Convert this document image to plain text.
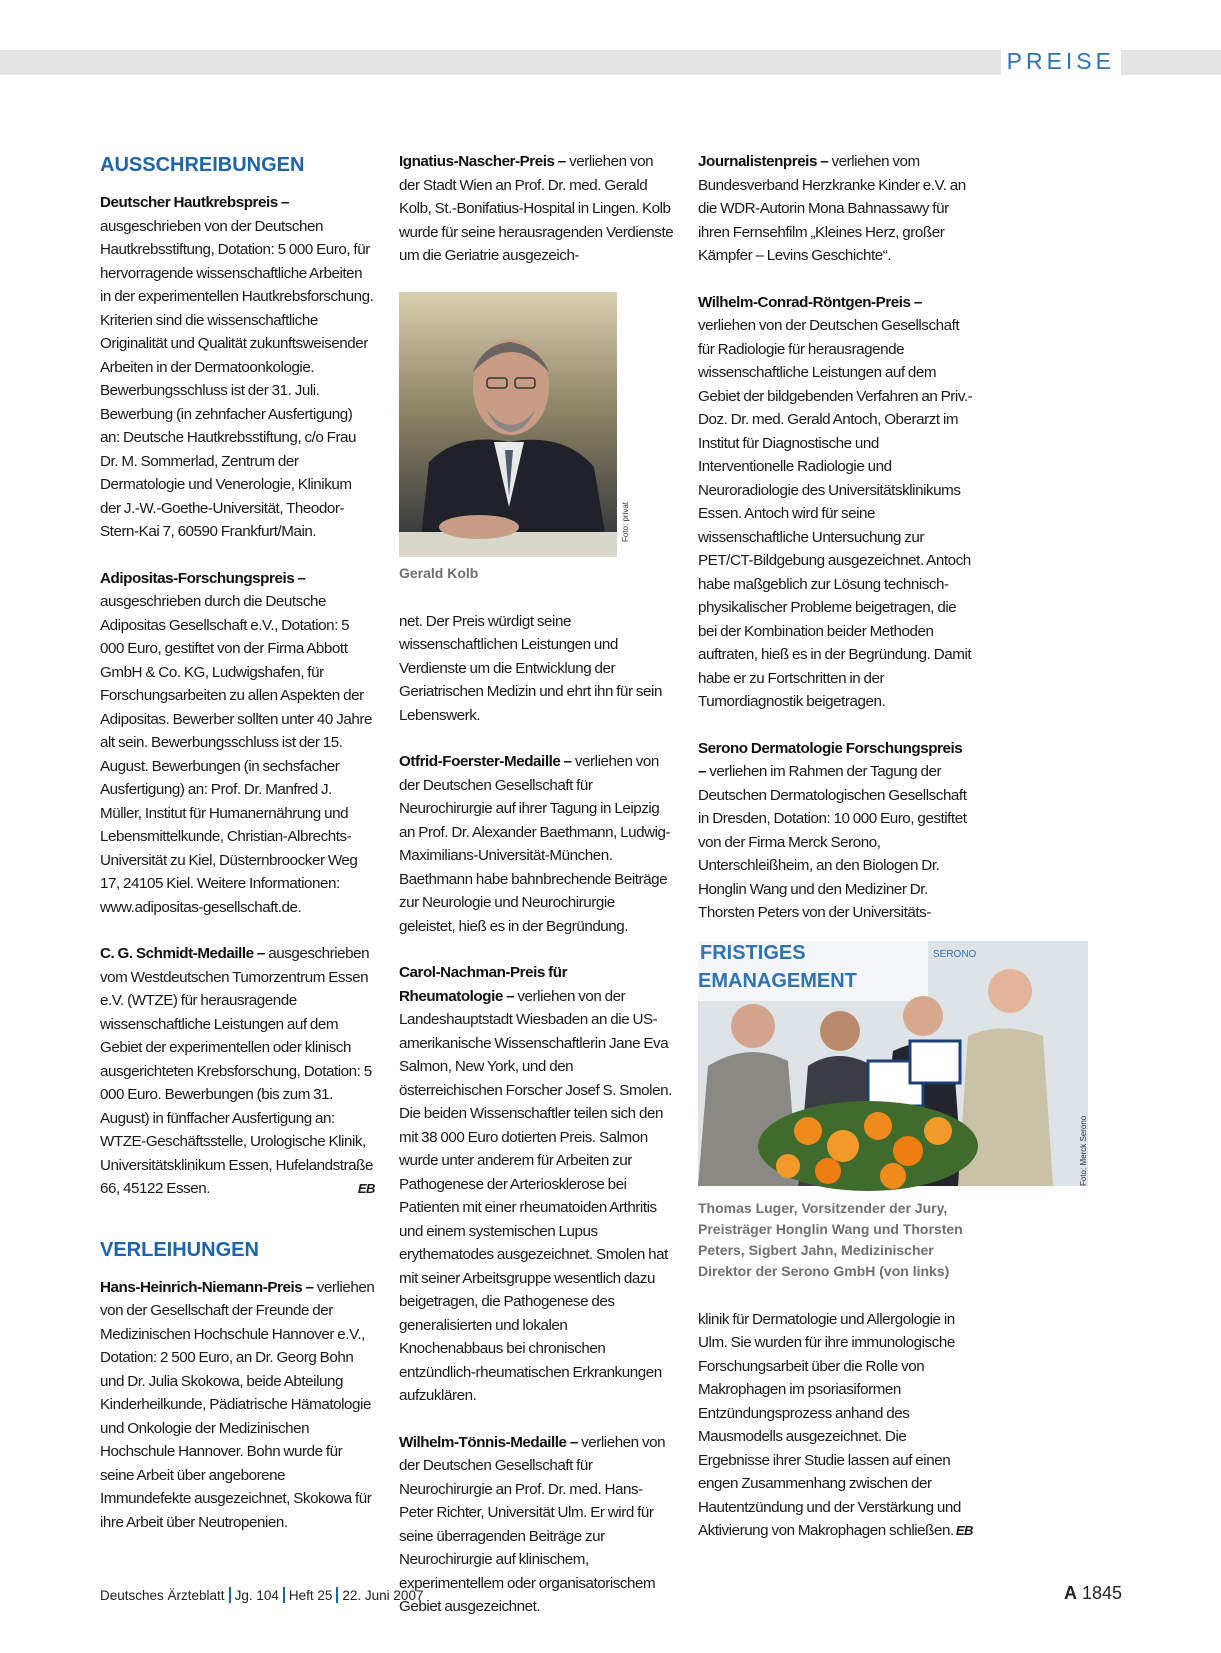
PREISE
AUSSCHREIBUNGEN

Deutscher Hautkrebspreis – ausgeschrieben von der Deutschen Hautkrebsstiftung, Dotation: 5 000 Euro, für hervorragende wissenschaftliche Arbeiten in der experimentellen Hautkrebsforschung. Kriterien sind die wissenschaftliche Originalität und Qualität zukunftsweisender Arbeiten in der Dermatoonkologie. Bewerbungsschluss ist der 31. Juli. Bewerbung (in zehnfacher Ausfertigung) an: Deutsche Hautkrebsstiftung, c/o Frau Dr. M. Sommerlad, Zentrum der Dermatologie und Venerologie, Klinikum der J.-W.-Goethe-Universität, Theodor-Stern-Kai 7, 60590 Frankfurt/Main.

Adipositas-Forschungspreis – ausgeschrieben durch die Deutsche Adipositas Gesellschaft e.V., Dotation: 5 000 Euro, gestiftet von der Firma Abbott GmbH & Co. KG, Ludwigshafen, für Forschungsarbeiten zu allen Aspekten der Adipositas. Bewerber sollten unter 40 Jahre alt sein. Bewerbungsschluss ist der 15. August. Bewerbungen (in sechsfacher Ausfertigung) an: Prof. Dr. Manfred J. Müller, Institut für Humanernährung und Lebensmittelkunde, Christian-Albrechts-Universität zu Kiel, Düsternbroocker Weg 17, 24105 Kiel. Weitere Informationen: www.adipositas-gesellschaft.de.

C. G. Schmidt-Medaille – ausgeschrieben vom Westdeutschen Tumorzentrum Essen e.V. (WTZE) für herausragende wissenschaftliche Leistungen auf dem Gebiet der experimentellen oder klinisch ausgerichteten Krebsforschung, Dotation: 5 000 Euro. Bewerbungen (bis zum 31. August) in fünffacher Ausfertigung an: WTZE-Geschäftsstelle, Urologische Klinik, Universitätsklinikum Essen, Hufelandstraße 66, 45122 Essen.	EB

VERLEIHUNGEN

Hans-Heinrich-Niemann-Preis – verliehen von der Gesellschaft der Freunde der Medizinischen Hochschule Hannover e.V., Dotation: 2 500 Euro, an Dr. Georg Bohn und Dr. Julia Skokowa, beide Abteilung Kinderheilkunde, Pädiatrische Hämatologie und Onkologie der Medizinischen Hochschule Hannover. Bohn wurde für seine Arbeit über angeborene Immundefekte ausgezeichnet, Skokowa für ihre Arbeit über Neutropenien.

Ignatius-Nascher-Preis – verliehen von der Stadt Wien an Prof. Dr. med. Gerald Kolb, St.-Bonifatius-Hospital in Lingen. Kolb wurde für seine herausragenden Verdienste um die Geriatrie ausgezeich-

Foto: privat
Gerald Kolb

net. Der Preis würdigt seine wissenschaftlichen Leistungen und Verdienste um die Entwicklung der Geriatrischen Medizin und ehrt ihn für sein Lebenswerk.

Otfrid-Foerster-Medaille – verliehen von der Deutschen Gesellschaft für Neurochirurgie auf ihrer Tagung in Leipzig an Prof. Dr. Alexander Baethmann, Ludwig-Maximilians-Universität-München. Baethmann habe bahnbrechende Beiträge zur Neurologie und Neurochirurgie geleistet, hieß es in der Begründung.

Carol-Nachman-Preis für Rheumatologie – verliehen von der Landeshauptstadt Wiesbaden an die US-amerikanische Wissenschaftlerin Jane Eva Salmon, New York, und den österreichischen Forscher Josef S. Smolen. Die beiden Wissenschaftler teilen sich den mit 38 000 Euro dotierten Preis. Salmon wurde unter anderem für Arbeiten zur Pathogenese der Arteriosklerose bei Patienten mit einer rheumatoiden Arthritis und einem systemischen Lupus erythematodes ausgezeichnet. Smolen hat mit seiner Arbeitsgruppe wesentlich dazu beigetragen, die Pathogenese des generalisierten und lokalen Knochenabbaus bei chronischen entzündlich-rheumatischen Erkrankungen aufzuklären.

Wilhelm-Tönnis-Medaille – verliehen von der Deutschen Gesellschaft für Neurochirurgie an Prof. Dr. med. Hans-Peter Richter, Universität Ulm. Er wird für seine überragenden Beiträge zur Neurochirurgie auf klinischem, experimentellem oder organisatorischem Gebiet ausgezeichnet.

Journalistenpreis – verliehen vom Bundesverband Herzkranke Kinder e.V. an die WDR-Autorin Mona Bahnassawy für ihren Fernsehfilm „Kleines Herz, großer Kämpfer – Levins Geschichte“.

Wilhelm-Conrad-Röntgen-Preis – verliehen von der Deutschen Gesellschaft für Radiologie für herausragende wissenschaftliche Leistungen auf dem Gebiet der bildgebenden Verfahren an Priv.-Doz. Dr. med. Gerald Antoch, Oberarzt im Institut für Diagnostische und Interventionelle Radiologie und Neuroradiologie des Universitätsklinikums Essen. Antoch wird für seine wissenschaftliche Untersuchung zur PET/CT-Bildgebung ausgezeichnet. Antoch habe maßgeblich zur Lösung technisch-physikalischer Probleme beigetragen, die bei der Kombination beider Methoden auftraten, hieß es in der Begründung. Damit habe er zu Fortschritten in der Tumordiagnostik beigetragen.

Serono Dermatologie Forschungspreis – verliehen im Rahmen der Tagung der Deutschen Dermatologischen Gesellschaft in Dresden, Dotation: 10 000 Euro, gestiftet von der Firma Merck Serono, Unterschleißheim, an den Biologen Dr. Honglin Wang und den Mediziner Dr. Thorsten Peters von der Universitäts-

FRISTIGES
EMANAGEMENT
SERONO
Foto: Merck Serono
Thomas Luger, Vorsitzender der Jury, Preisträger Honglin Wang und Thorsten Peters, Sigbert Jahn, Medizinischer Direktor der Serono GmbH (von links)

klinik für Dermatologie und Allergologie in Ulm. Sie wurden für ihre immunologische Forschungsarbeit über die Rolle von Makrophagen im psoriasiformen Entzündungsprozess anhand des Mausmodells ausgezeichnet. Die Ergebnisse ihrer Studie lassen auf einen engen Zusammenhang zwischen der Hautentzündung und der Verstärkung und Aktivierung von Makrophagen schließen. EB

Deutsches Ärzteblatt Jg. 104 Heft 25 22. Juni 2007	A 1845
